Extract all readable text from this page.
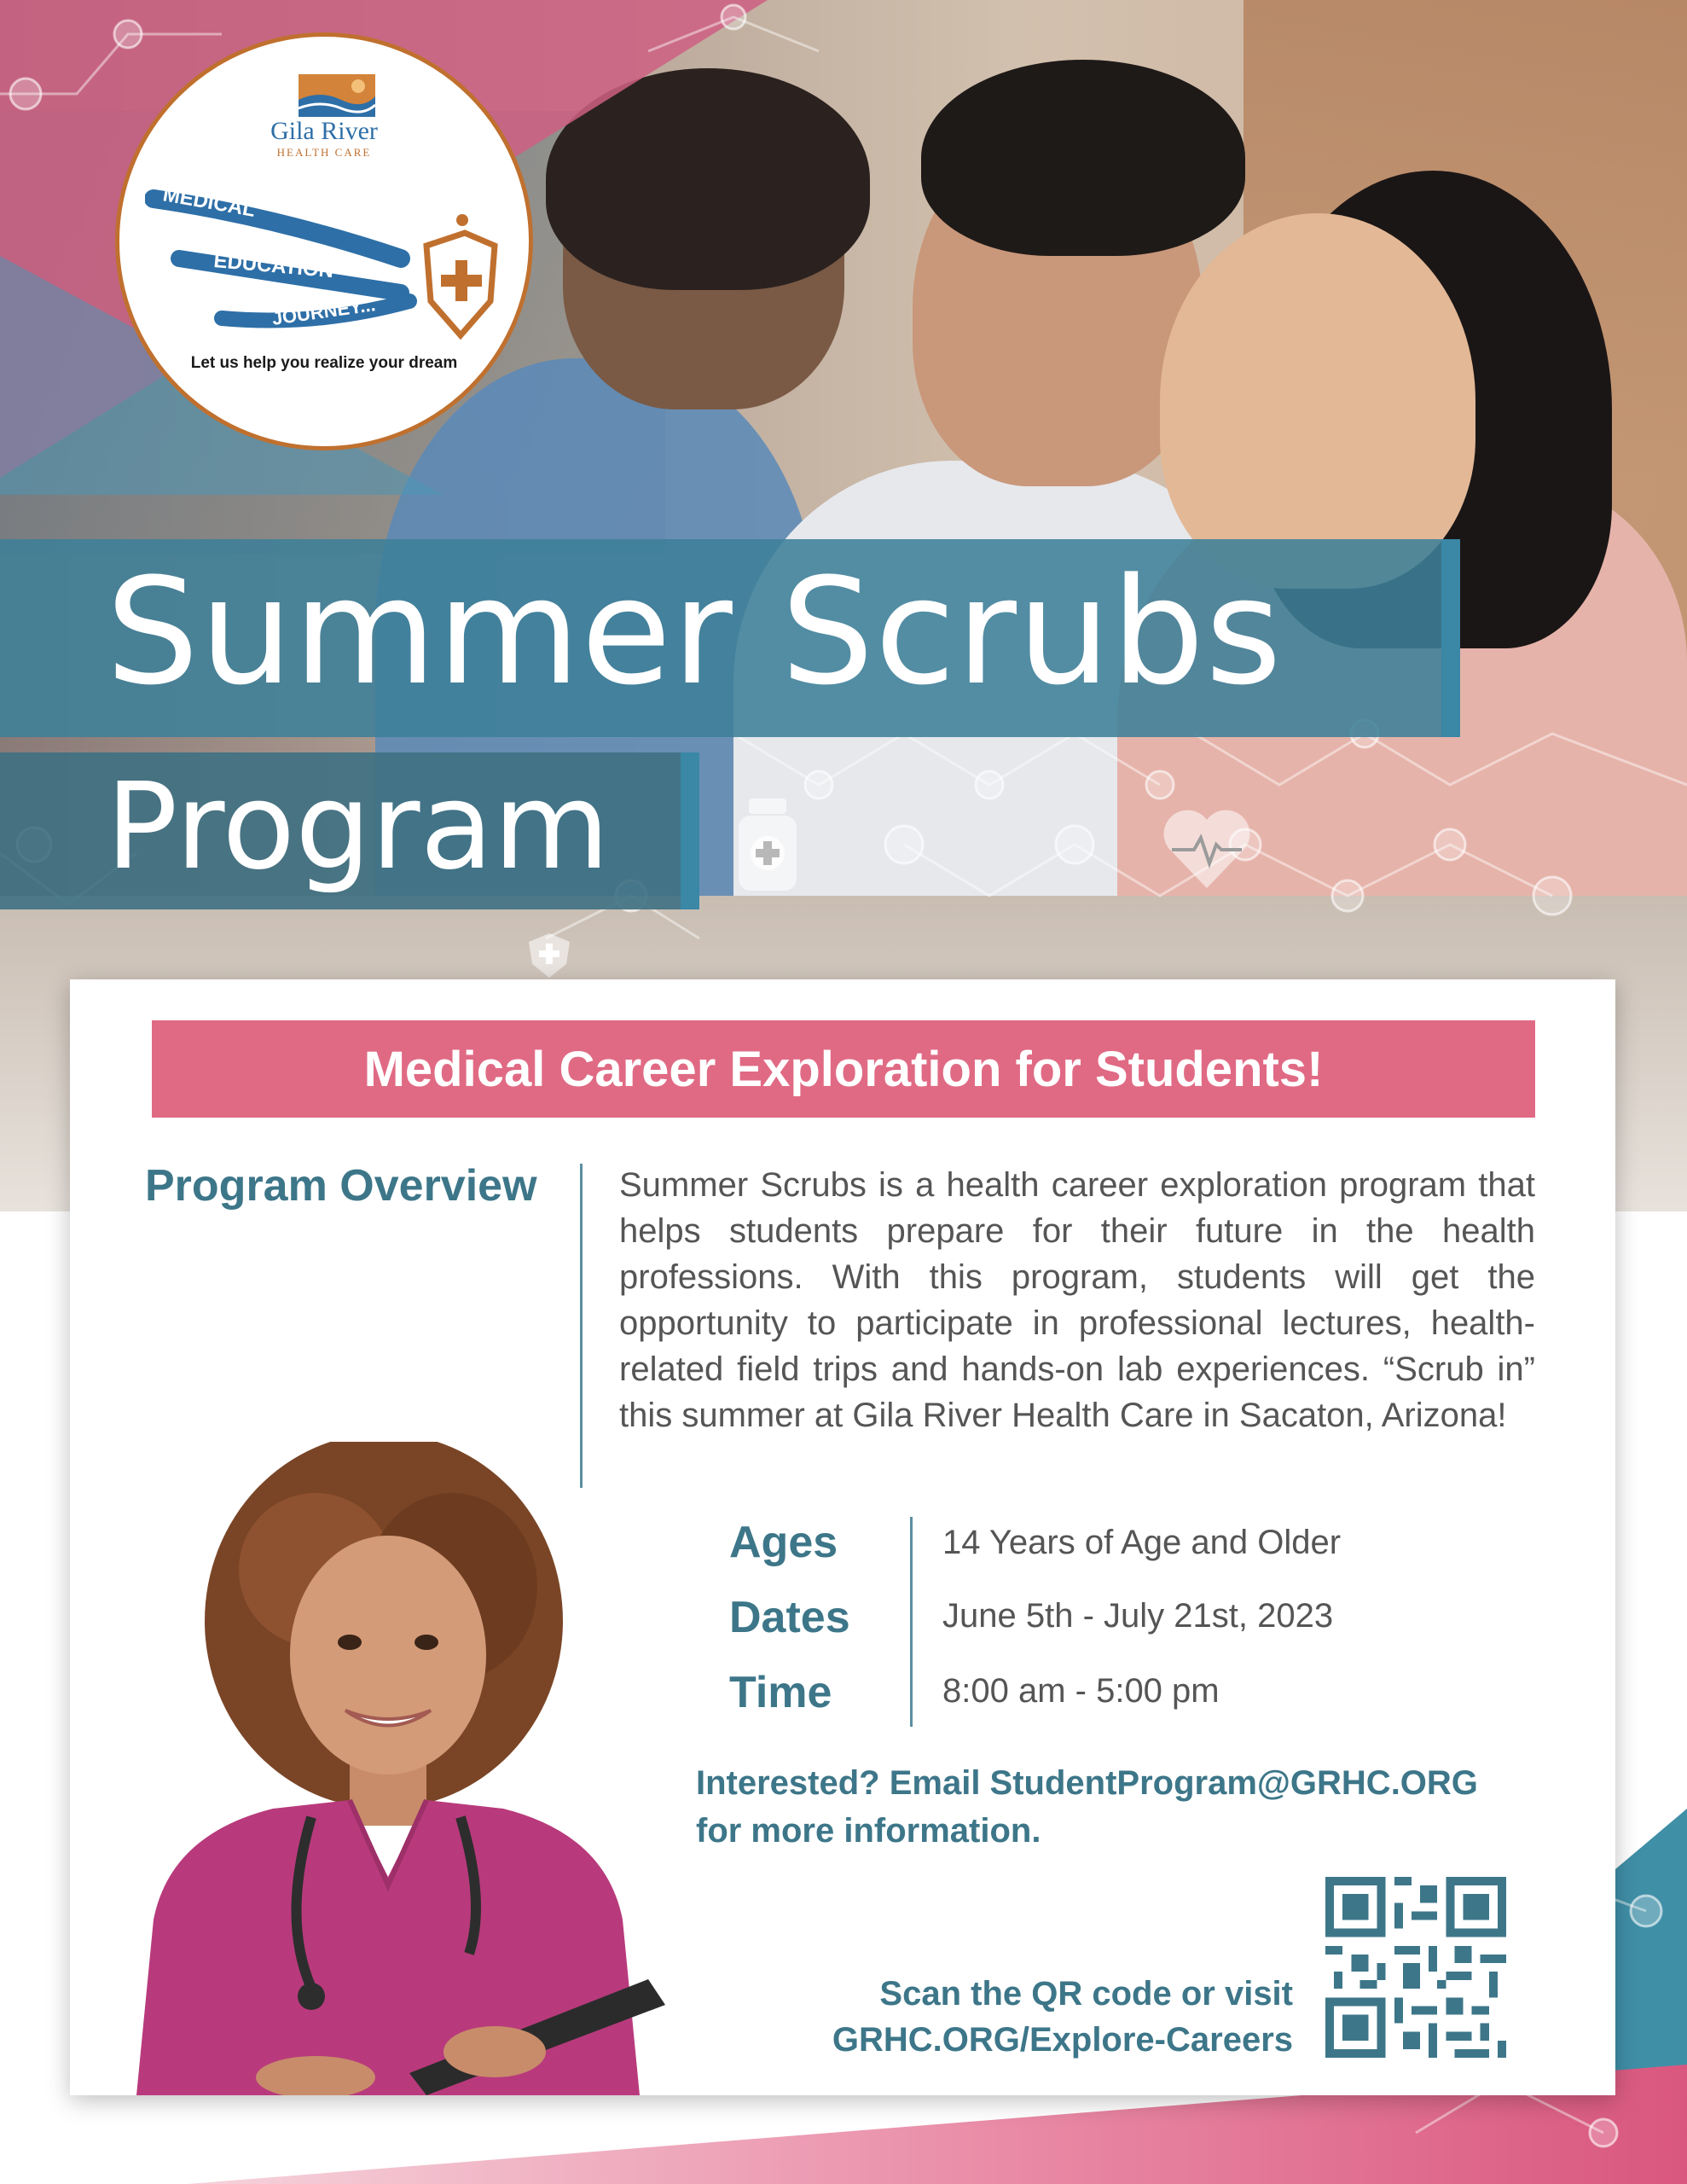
Gila River
HEALTH CARE
MEDICAL
EDUCATION
JOURNEY...
Let us help you realize your dream
Summer Scrubs
Program
Medical Career Exploration for Students!
Program Overview Summer Scrubs is a health career exploration program that helps students prepare for their future in the health professions. With this program, students will get the opportunity to participate in professional lectures, health-related field trips and hands-on lab experiences. “Scrub in” this summer at Gila River Health Care in Sacaton, Arizona!
Ages	14 Years of Age and Older
Dates	June 5th - July 21st, 2023
Time	8:00 am - 5:00 pm
Interested? Email StudentProgram@GRHC.ORG
for more information.
Scan the QR code or visit
GRHC.ORG/Explore-Careers
